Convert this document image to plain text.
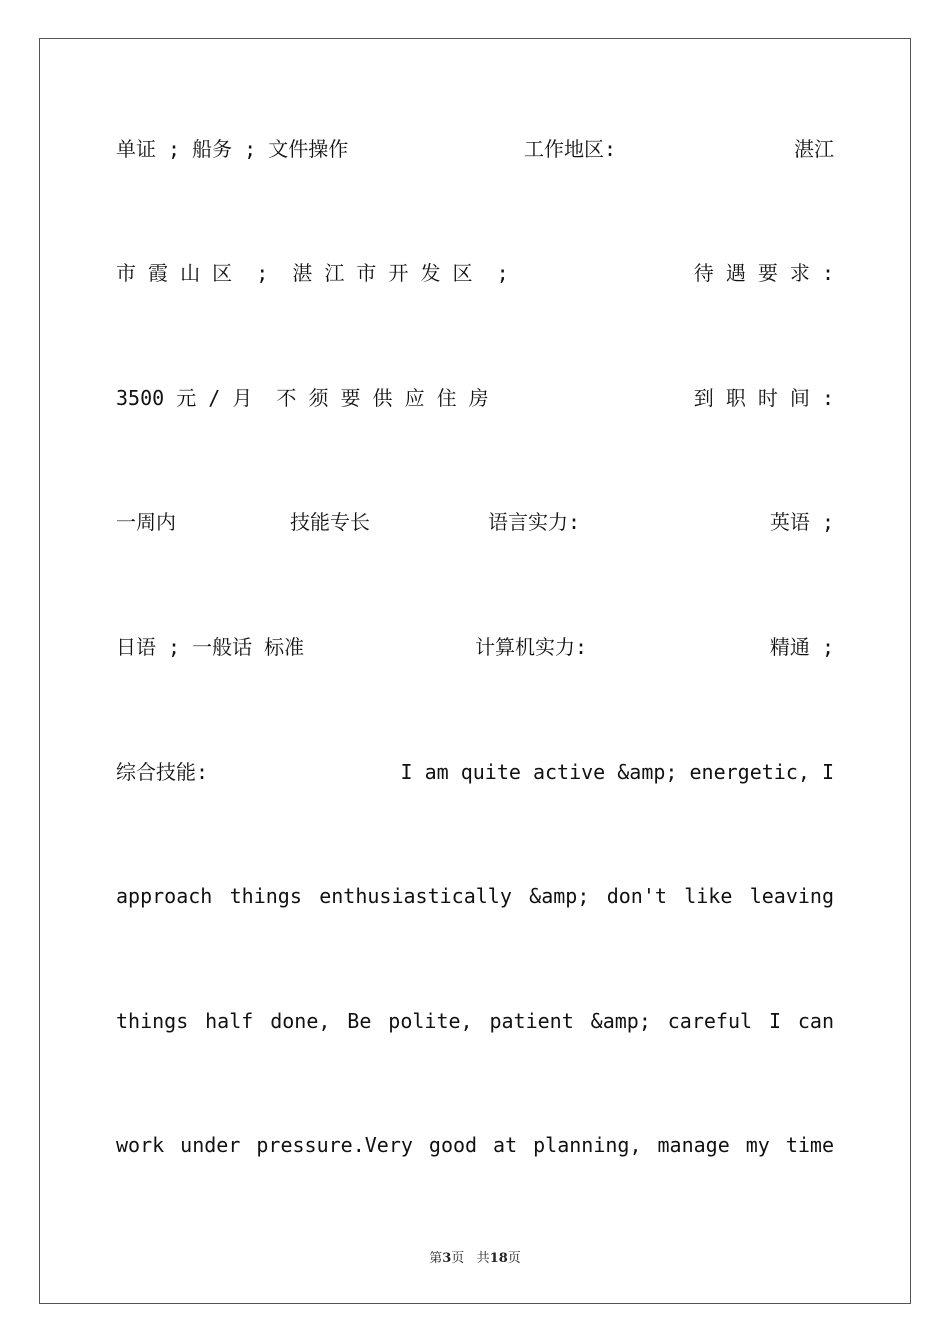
单证 ; 船务 ; 文件操作	工作地区:	湛江
市 霞 山 区  ;  湛 江 市 开 发 区  ;	待 遇 要 求 :
3500 元 / 月  不 须 要 供 应 住 房	到 职 时 间 :
一周内	技能专长	语言实力:	英语 ;
日语 ; 一般话 标准	计算机实力:	精通 ;
综合技能:	I am quite active &amp; energetic, I
approach things enthusiastically &amp; don't like leaving
things half done, Be polite, patient &amp; careful I can
work under pressure.Very good at planning, manage my time
第3页 共18页
